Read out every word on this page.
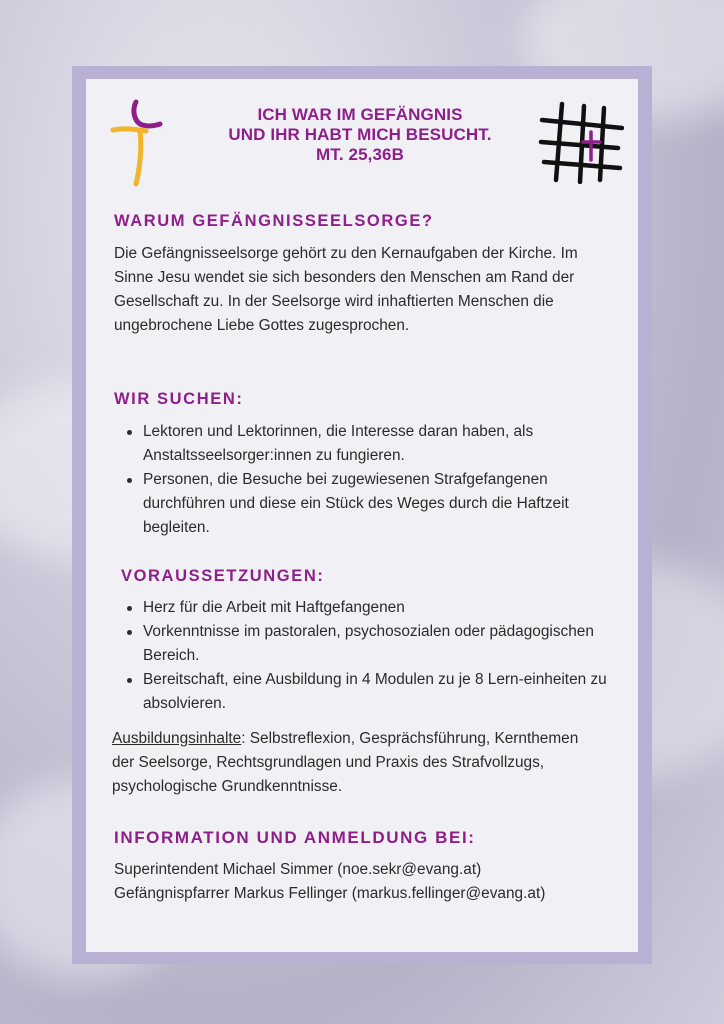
ICH WAR IM GEFÄNGNIS
UND IHR HABT MICH BESUCHT.
MT. 25,36B
WARUM GEFÄNGNISSEELSORGE?
Die Gefängnisseelsorge gehört zu den Kernaufgaben der Kirche. Im Sinne Jesu wendet sie sich besonders den Menschen am Rand der Gesellschaft zu. In der Seelsorge wird inhaftierten Menschen die ungebrochene Liebe Gottes zugesprochen.
WIR SUCHEN:
Lektoren und Lektorinnen, die Interesse daran haben, als Anstaltsseelsorger:innen zu fungieren.
Personen, die Besuche bei zugewiesenen Strafgefangenen durchführen und diese ein Stück des Weges durch die Haftzeit begleiten.
VORAUSSETZUNGEN:
Herz für die Arbeit mit Haftgefangenen
Vorkenntnisse im pastoralen, psychosozialen oder pädagogischen Bereich.
Bereitschaft, eine Ausbildung in 4 Modulen zu je 8 Lern-einheiten zu absolvieren.
Ausbildungsinhalte: Selbstreflexion, Gesprächsführung, Kernthemen der Seelsorge, Rechtsgrundlagen und Praxis des Strafvollzugs, psychologische Grundkenntnisse.
INFORMATION UND ANMELDUNG BEI:
Superintendent Michael Simmer (noe.sekr@evang.at)
Gefängnispfarrer Markus Fellinger (markus.fellinger@evang.at)
